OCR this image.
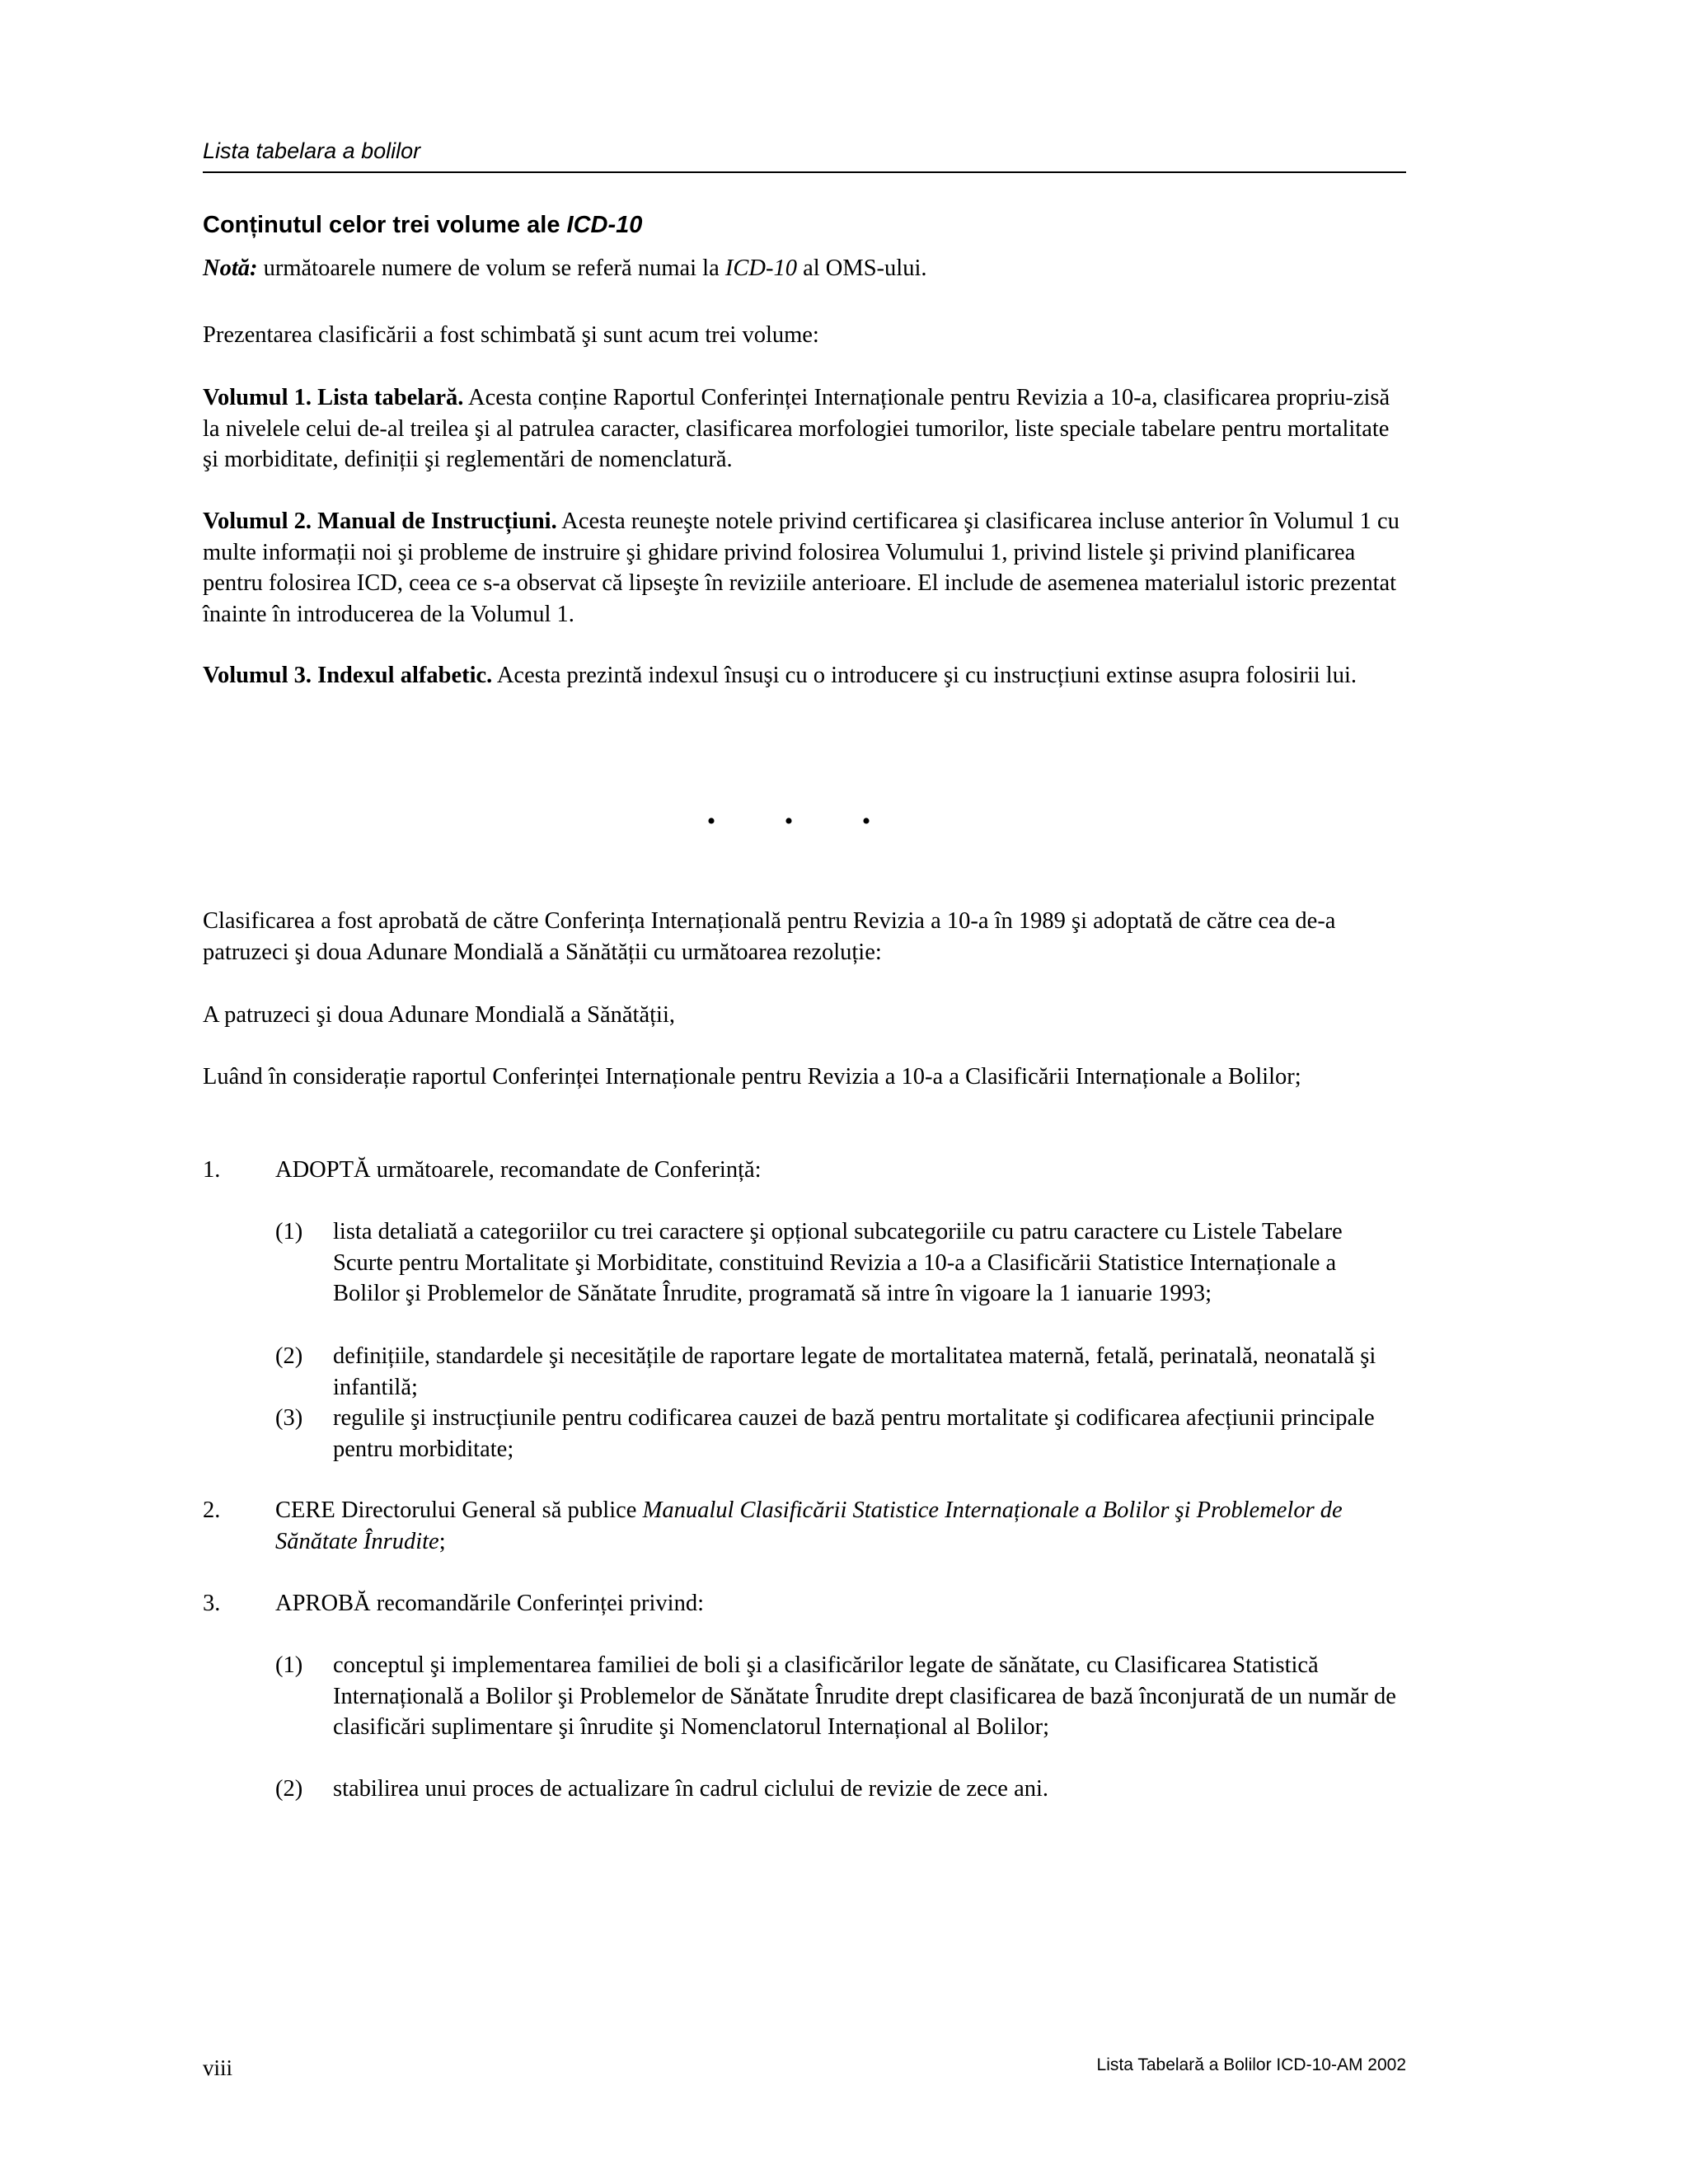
Lista tabelara a bolilor
Conținutul celor trei volume ale ICD-10
Notă: următoarele numere de volum se referă numai la ICD-10 al OMS-ului.
Prezentarea clasificării a fost schimbată şi sunt acum trei volume:
Volumul 1. Lista tabelară. Acesta conține Raportul Conferinței Internaționale pentru Revizia a 10-a, clasificarea propriu-zisă la nivelele celui de-al treilea şi al patrulea caracter, clasificarea morfologiei tumorilor, liste speciale tabelare pentru mortalitate şi morbiditate, definiții şi reglementări de nomenclatură.
Volumul 2. Manual de Instrucțiuni. Acesta reuneşte notele privind certificarea şi clasificarea incluse anterior în Volumul 1 cu multe informații noi şi probleme de instruire şi ghidare privind folosirea Volumului 1, privind listele şi privind planificarea pentru folosirea ICD, ceea ce s-a observat că lipseşte în reviziile anterioare. El include de asemenea materialul istoric prezentat înainte în introducerea de la Volumul 1.
Volumul 3. Indexul alfabetic. Acesta prezintă indexul însuşi cu o introducere şi cu instrucțiuni extinse asupra folosirii lui.
• • •
Clasificarea a fost aprobată de către Conferința Internațională pentru Revizia a 10-a în 1989 şi adoptată de către cea de-a patruzeci şi doua Adunare Mondială a Sănătății cu următoarea rezoluție:
A patruzeci şi doua Adunare Mondială a Sănătății,
Luând în considerație raportul Conferinței Internaționale pentru Revizia a 10-a a Clasificării Internaționale a Bolilor;
1. ADOPTĂ următoarele, recomandate de Conferință:
(1) lista detaliată a categoriilor cu trei caractere şi opțional subcategoriile cu patru caractere cu Listele Tabelare Scurte pentru Mortalitate şi Morbiditate, constituind Revizia a 10-a a Clasificării Statistice Internaționale a Bolilor şi Problemelor de Sănătate Înrudite, programată să intre în vigoare la 1 ianuarie 1993;
(2) definițiile, standardele şi necesitățile de raportare legate de mortalitatea maternă, fetală, perinatală, neonatală şi infantilă;
(3) regulile şi instrucțiunile pentru codificarea cauzei de bază pentru mortalitate şi codificarea afecțiunii principale pentru morbiditate;
2. CERE Directorului General să publice Manualul Clasificării Statistice Internaționale a Bolilor şi Problemelor de Sănătate Înrudite;
3. APROBĂ recomandările Conferinței privind:
(1) conceptul şi implementarea familiei de boli şi a clasificărilor legate de sănătate, cu Clasificarea Statistică Internațională a Bolilor şi Problemelor de Sănătate Înrudite drept clasificarea de bază înconjurată de un număr de clasificări suplimentare şi înrudite şi Nomenclatorul Internațional al Bolilor;
(2) stabilirea unui proces de actualizare în cadrul ciclului de revizie de zece ani.
viii	Lista Tabelară a Bolilor ICD-10-AM 2002
